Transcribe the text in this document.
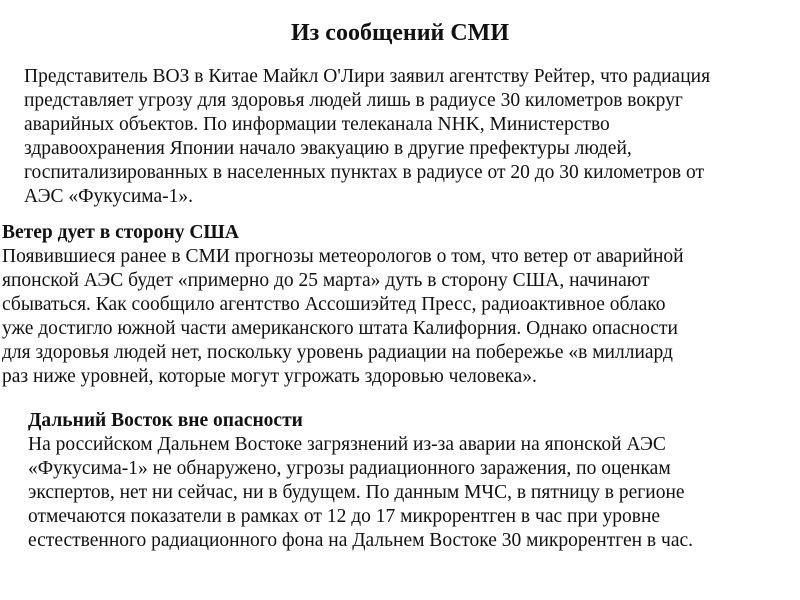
Из сообщений СМИ
Представитель ВОЗ в Китае Майкл О'Лири заявил агентству Рейтер, что радиация
представляет угрозу для здоровья людей лишь в радиусе 30 километров вокруг
аварийных объектов. По информации телеканала NHK, Министерство
здравоохранения Японии начало эвакуацию в другие префектуры людей,
госпитализированных в населенных пунктах в радиусе от 20 до 30 километров от
АЭС «Фукусима-1».
Ветер дует в сторону США
Появившиеся ранее в СМИ прогнозы метеорологов о том, что ветер от аварийной
японской АЭС будет «примерно до 25 марта» дуть в сторону США, начинают
сбываться. Как сообщило агентство Ассошиэйтед Пресс, радиоактивное облако
уже достигло южной части американского штата Калифорния. Однако опасности
для здоровья людей нет, поскольку уровень радиации на побережье «в миллиард
раз ниже уровней, которые могут угрожать здоровью человека».
Дальний Восток вне опасности
На российском Дальнем Востоке загрязнений из-за аварии на японской АЭС
«Фукусима-1» не обнаружено, угрозы радиационного заражения, по оценкам
экспертов, нет ни сейчас, ни в будущем. По данным МЧС, в пятницу в регионе
отмечаются показатели в рамках от 12 до 17 микрорентген в час при уровне
естественного радиационного фона на Дальнем Востоке 30 микрорентген в час.
